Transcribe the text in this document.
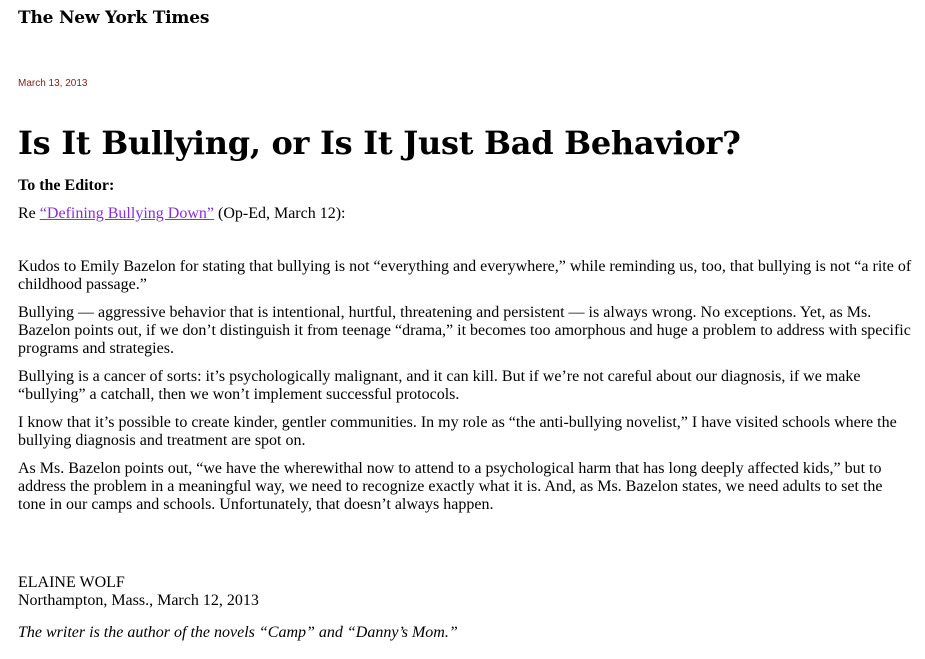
The New York Times
March 13, 2013
Is It Bullying, or Is It Just Bad Behavior?
To the Editor:
Re “Defining Bullying Down” (Op-Ed, March 12):

Kudos to Emily Bazelon for stating that bullying is not “everything and everywhere,” while reminding us, too, that bullying is not “a rite of childhood passage.”

Bullying — aggressive behavior that is intentional, hurtful, threatening and persistent — is always wrong. No exceptions. Yet, as Ms. Bazelon points out, if we don’t distinguish it from teenage “drama,” it becomes too amorphous and huge a problem to address with specific programs and strategies.

Bullying is a cancer of sorts: it’s psychologically malignant, and it can kill. But if we’re not careful about our diagnosis, if we make “bullying” a catchall, then we won’t implement successful protocols.

I know that it’s possible to create kinder, gentler communities. In my role as “the anti-bullying novelist,” I have visited schools where the bullying diagnosis and treatment are spot on.

As Ms. Bazelon points out, “we have the wherewithal now to attend to a psychological harm that has long deeply affected kids,” but to address the problem in a meaningful way, we need to recognize exactly what it is. And, as Ms. Bazelon states, we need adults to set the tone in our camps and schools. Unfortunately, that doesn’t always happen.

ELAINE WOLF
Northampton, Mass., March 12, 2013
The writer is the author of the novels “Camp” and “Danny’s Mom.”
